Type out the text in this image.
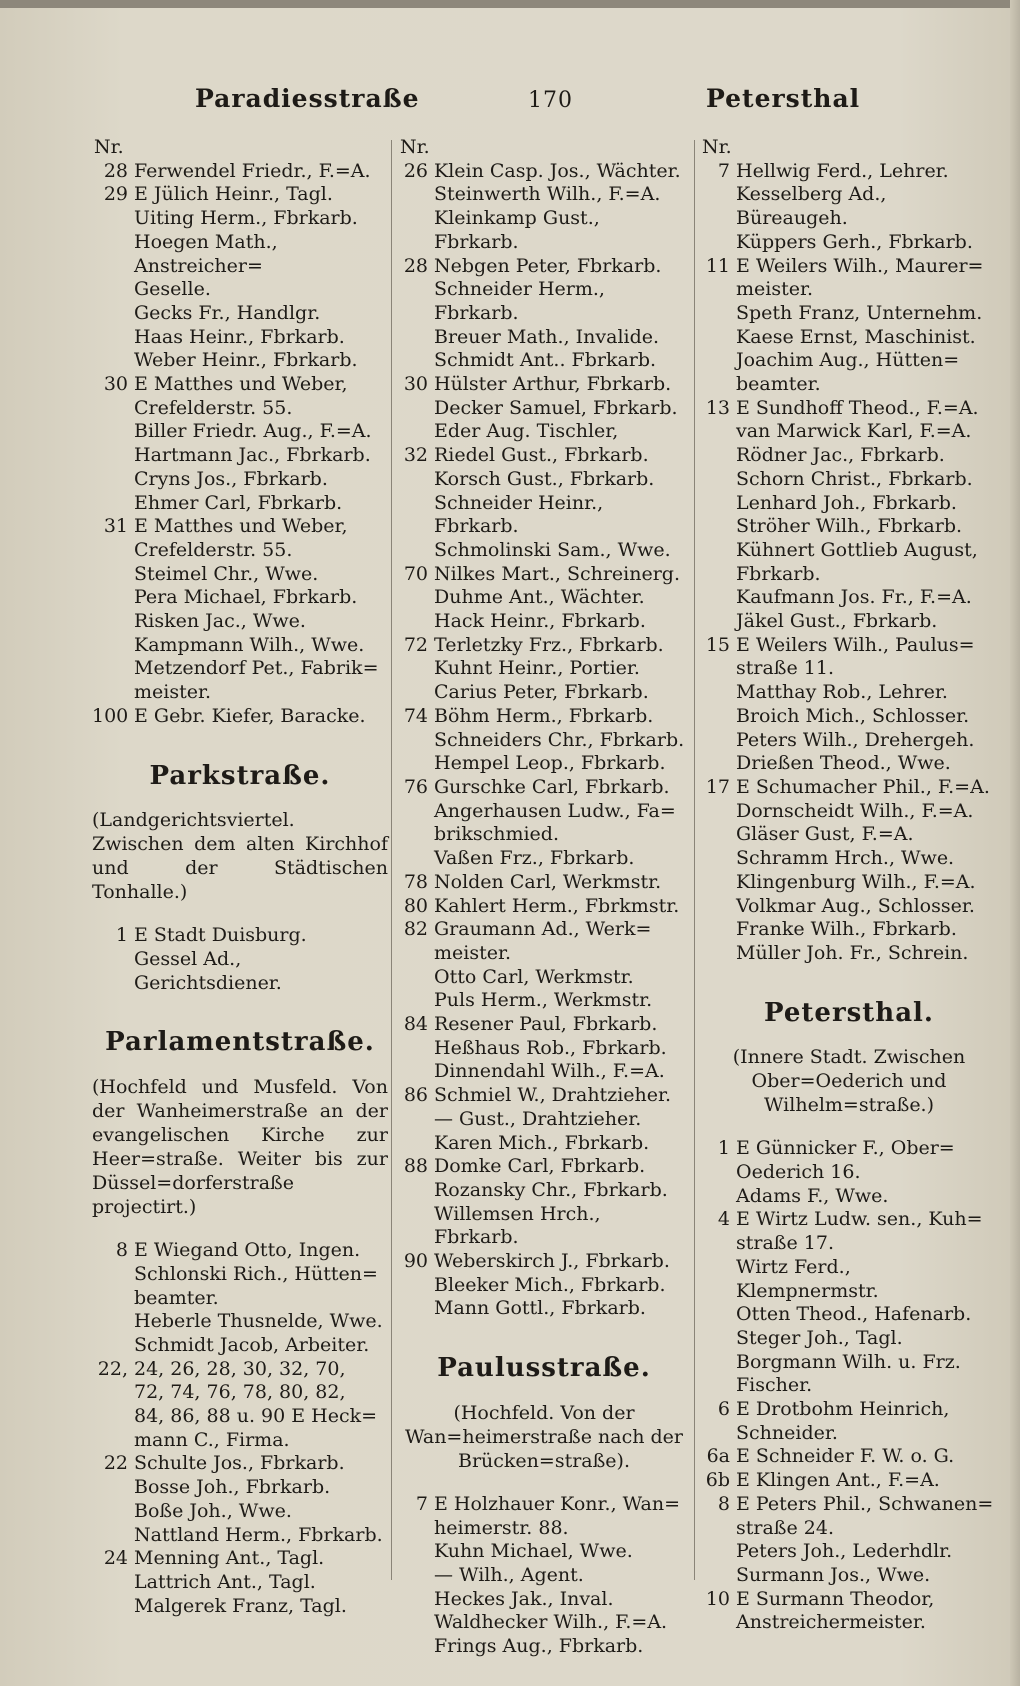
Paradiesstraße	170	Petersthal
Nr.
28 Ferwendel Friedr., F.=A.
29 E Jülich Heinr., Tagl.
Uiting Herm., Fbrkarb.
Hoegen Math., Anstreicher=
Geselle.
Gecks Fr., Handlgr.
Haas Heinr., Fbrkarb.
Weber Heinr., Fbrkarb.
30 E Matthes und Weber,
Crefelderstr. 55.
Biller Friedr. Aug., F.=A.
Hartmann Jac., Fbrkarb.
Cryns Jos., Fbrkarb.
Ehmer Carl, Fbrkarb.
31 E Matthes und Weber,
Crefelderstr. 55.
Steimel Chr., Wwe.
Pera Michael, Fbrkarb.
Risken Jac., Wwe.
Kampmann Wilh., Wwe.
Metzendorf Pet., Fabrik=
meister.
100 E Gebr. Kiefer, Baracke.
Parkstraße.
(Landgerichtsviertel. Zwischen dem alten Kirchhof und der Städtischen Tonhalle.)
1 E Stadt Duisburg.
Gessel Ad., Gerichtsdiener.
Parlamentstraße.
(Hochfeld und Musfeld. Von der Wanheimerstraße an der evangelischen Kirche zur Heer=straße. Weiter bis zur Düssel=dorferstraße projectirt.)
8 E Wiegand Otto, Ingen.
Schlonski Rich., Hütten=
beamter.
Heberle Thusnelde, Wwe.
Schmidt Jacob, Arbeiter.
22, 24, 26, 28, 30, 32, 70,
72, 74, 76, 78, 80, 82,
84, 86, 88 u. 90 E Heck=
mann C., Firma.
22 Schulte Jos., Fbrkarb.
Bosse Joh., Fbrkarb.
Boße Joh., Wwe.
Nattland Herm., Fbrkarb.
24 Menning Ant., Tagl.
Lattrich Ant., Tagl.
Malgerek Franz, Tagl.
Nr.
26 Klein Casp. Jos., Wächter.
Steinwerth Wilh., F.=A.
Kleinkamp Gust., Fbrkarb.
28 Nebgen Peter, Fbrkarb.
Schneider Herm., Fbrkarb.
Breuer Math., Invalide.
Schmidt Ant.. Fbrkarb.
30 Hülster Arthur, Fbrkarb.
Decker Samuel, Fbrkarb.
Eder Aug. Tischler,
32 Riedel Gust., Fbrkarb.
Korsch Gust., Fbrkarb.
Schneider Heinr., Fbrkarb.
Schmolinski Sam., Wwe.
70 Nilkes Mart., Schreinerg.
Duhme Ant., Wächter.
Hack Heinr., Fbrkarb.
72 Terletzky Frz., Fbrkarb.
Kuhnt Heinr., Portier.
Carius Peter, Fbrkarb.
74 Böhm Herm., Fbrkarb.
Schneiders Chr., Fbrkarb.
Hempel Leop., Fbrkarb.
76 Gurschke Carl, Fbrkarb.
Angerhausen Ludw., Fa=
brikschmied.
Vaßen Frz., Fbrkarb.
78 Nolden Carl, Werkmstr.
80 Kahlert Herm., Fbrkmstr.
82 Graumann Ad., Werk=
meister.
Otto Carl, Werkmstr.
Puls Herm., Werkmstr.
84 Resener Paul, Fbrkarb.
Heßhaus Rob., Fbrkarb.
Dinnendahl Wilh., F.=A.
86 Schmiel W., Drahtzieher.
— Gust., Drahtzieher.
Karen Mich., Fbrkarb.
88 Domke Carl, Fbrkarb.
Rozansky Chr., Fbrkarb.
Willemsen Hrch., Fbrkarb.
90 Weberskirch J., Fbrkarb.
Bleeker Mich., Fbrkarb.
Mann Gottl., Fbrkarb.
Paulusstraße.
(Hochfeld. Von der Wan=heimerstraße nach der Brücken=straße).
7 E Holzhauer Konr., Wan=
heimerstr. 88.
Kuhn Michael, Wwe.
— Wilh., Agent.
Heckes Jak., Inval.
Waldhecker Wilh., F.=A.
Frings Aug., Fbrkarb.
Nr.
7 Hellwig Ferd., Lehrer.
Kesselberg Ad., Büreaugeh.
Küppers Gerh., Fbrkarb.
11 E Weilers Wilh., Maurer=
meister.
Speth Franz, Unternehm.
Kaese Ernst, Maschinist.
Joachim Aug., Hütten=
beamter.
13 E Sundhoff Theod., F.=A.
van Marwick Karl, F.=A.
Rödner Jac., Fbrkarb.
Schorn Christ., Fbrkarb.
Lenhard Joh., Fbrkarb.
Ströher Wilh., Fbrkarb.
Kühnert Gottlieb August,
Fbrkarb.
Kaufmann Jos. Fr., F.=A.
Jäkel Gust., Fbrkarb.
15 E Weilers Wilh., Paulus=
straße 11.
Matthay Rob., Lehrer.
Broich Mich., Schlosser.
Peters Wilh., Drehergeh.
Drießen Theod., Wwe.
17 E Schumacher Phil., F.=A.
Dornscheidt Wilh., F.=A.
Gläser Gust, F.=A.
Schramm Hrch., Wwe.
Klingenburg Wilh., F.=A.
Volkmar Aug., Schlosser.
Franke Wilh., Fbrkarb.
Müller Joh. Fr., Schrein.
Petersthal.
(Innere Stadt. Zwischen Ober=Oederich und Wilhelm=straße.)
1 E Günnicker F., Ober=
Oederich 16.
Adams F., Wwe.
4 E Wirtz Ludw. sen., Kuh=
straße 17.
Wirtz Ferd., Klempnermstr.
Otten Theod., Hafenarb.
Steger Joh., Tagl.
Borgmann Wilh. u. Frz.
Fischer.
6 E Drotbohm Heinrich,
Schneider.
6a E Schneider F. W. o. G.
6b E Klingen Ant., F.=A.
8 E Peters Phil., Schwanen=
straße 24.
Peters Joh., Lederhdlr.
Surmann Jos., Wwe.
10 E Surmann Theodor,
Anstreichermeister.
